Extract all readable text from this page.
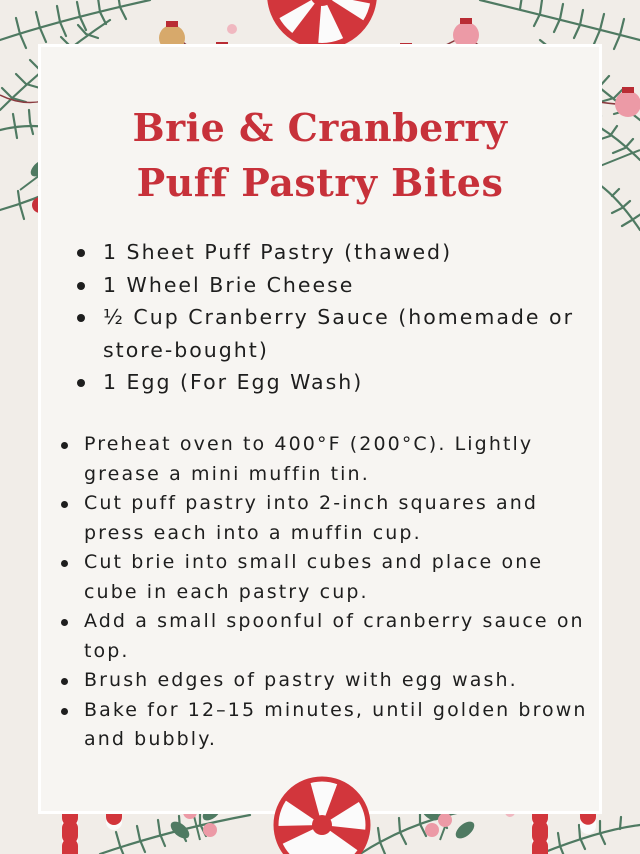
Brie & Cranberry
Puff Pastry Bites
1 Sheet Puff Pastry (thawed)
1 Wheel Brie Cheese
½ Cup Cranberry Sauce (homemade or store-bought)
1 Egg (For Egg Wash)
Preheat oven to 400°F (200°C). Lightly grease a mini muffin tin.
Cut puff pastry into 2-inch squares and press each into a muffin cup.
Cut brie into small cubes and place one cube in each pastry cup.
Add a small spoonful of cranberry sauce on top.
Brush edges of pastry with egg wash.
Bake for 12–15 minutes, until golden brown and bubbly.
